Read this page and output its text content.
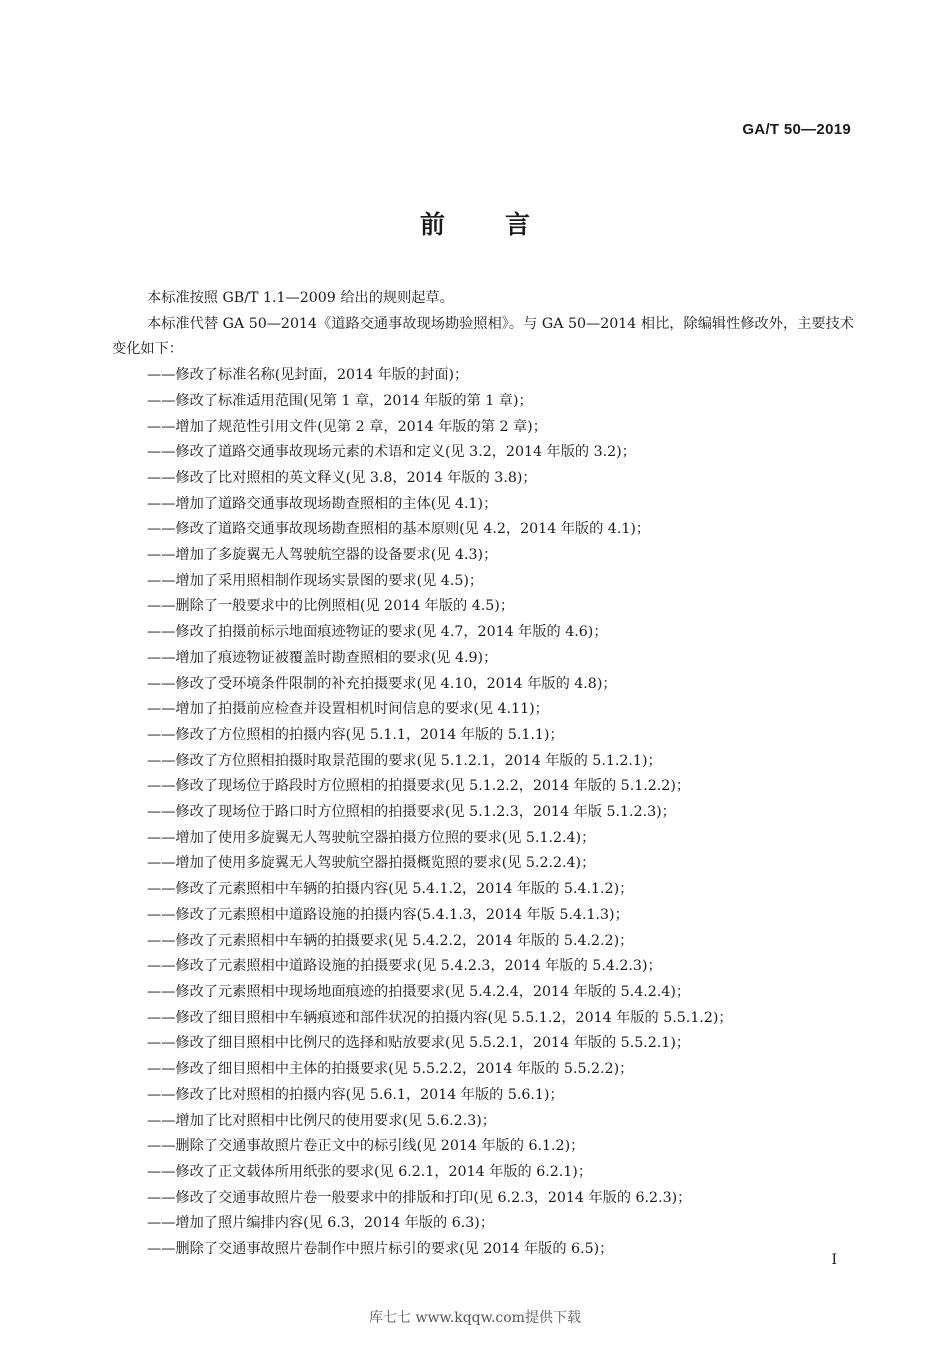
GA/T 50—2019
前言

本标准按照 GB/T 1.1—2009 给出的规则起草。

本标准代替 GA 50—2014《道路交通事故现场勘验照相》。与 GA 50—2014 相比，除编辑性修改外，主要技术变化如下：

——修改了标准名称(见封面，2014 年版的封面)；

——修改了标准适用范围(见第 1 章，2014 年版的第 1 章)；

——增加了规范性引用文件(见第 2 章，2014 年版的第 2 章)；

——修改了道路交通事故现场元素的术语和定义(见 3.2，2014 年版的 3.2)；

——修改了比对照相的英文释义(见 3.8，2014 年版的 3.8)；

——增加了道路交通事故现场勘查照相的主体(见 4.1)；

——修改了道路交通事故现场勘查照相的基本原则(见 4.2，2014 年版的 4.1)；

——增加了多旋翼无人驾驶航空器的设备要求(见 4.3)；

——增加了采用照相制作现场实景图的要求(见 4.5)；

——删除了一般要求中的比例照相(见 2014 年版的 4.5)；

——修改了拍摄前标示地面痕迹物证的要求(见 4.7，2014 年版的 4.6)；

——增加了痕迹物证被覆盖时勘查照相的要求(见 4.9)；

——修改了受环境条件限制的补充拍摄要求(见 4.10，2014 年版的 4.8)；

——增加了拍摄前应检查并设置相机时间信息的要求(见 4.11)；

——修改了方位照相的拍摄内容(见 5.1.1，2014 年版的 5.1.1)；

——修改了方位照相拍摄时取景范围的要求(见 5.1.2.1，2014 年版的 5.1.2.1)；

——修改了现场位于路段时方位照相的拍摄要求(见 5.1.2.2，2014 年版的 5.1.2.2)；

——修改了现场位于路口时方位照相的拍摄要求(见 5.1.2.3，2014 年版 5.1.2.3)；

——增加了使用多旋翼无人驾驶航空器拍摄方位照的要求(见 5.1.2.4)；

——增加了使用多旋翼无人驾驶航空器拍摄概览照的要求(见 5.2.2.4)；

——修改了元素照相中车辆的拍摄内容(见 5.4.1.2，2014 年版的 5.4.1.2)；

——修改了元素照相中道路设施的拍摄内容(5.4.1.3，2014 年版 5.4.1.3)；

——修改了元素照相中车辆的拍摄要求(见 5.4.2.2，2014 年版的 5.4.2.2)；

——修改了元素照相中道路设施的拍摄要求(见 5.4.2.3，2014 年版的 5.4.2.3)；

——修改了元素照相中现场地面痕迹的拍摄要求(见 5.4.2.4，2014 年版的 5.4.2.4)；

——修改了细目照相中车辆痕迹和部件状况的拍摄内容(见 5.5.1.2，2014 年版的 5.5.1.2)；

——修改了细目照相中比例尺的选择和贴放要求(见 5.5.2.1，2014 年版的 5.5.2.1)；

——修改了细目照相中主体的拍摄要求(见 5.5.2.2，2014 年版的 5.5.2.2)；

——修改了比对照相的拍摄内容(见 5.6.1，2014 年版的 5.6.1)；

——增加了比对照相中比例尺的使用要求(见 5.6.2.3)；

——删除了交通事故照片卷正文中的标引线(见 2014 年版的 6.1.2)；

——修改了正文载体所用纸张的要求(见 6.2.1，2014 年版的 6.2.1)；

——修改了交通事故照片卷一般要求中的排版和打印(见 6.2.3，2014 年版的 6.2.3)；

——增加了照片编排内容(见 6.3，2014 年版的 6.3)；

——删除了交通事故照片卷制作中照片标引的要求(见 2014 年版的 6.5)；

I
库七七 www.kqqw.com提供下载
